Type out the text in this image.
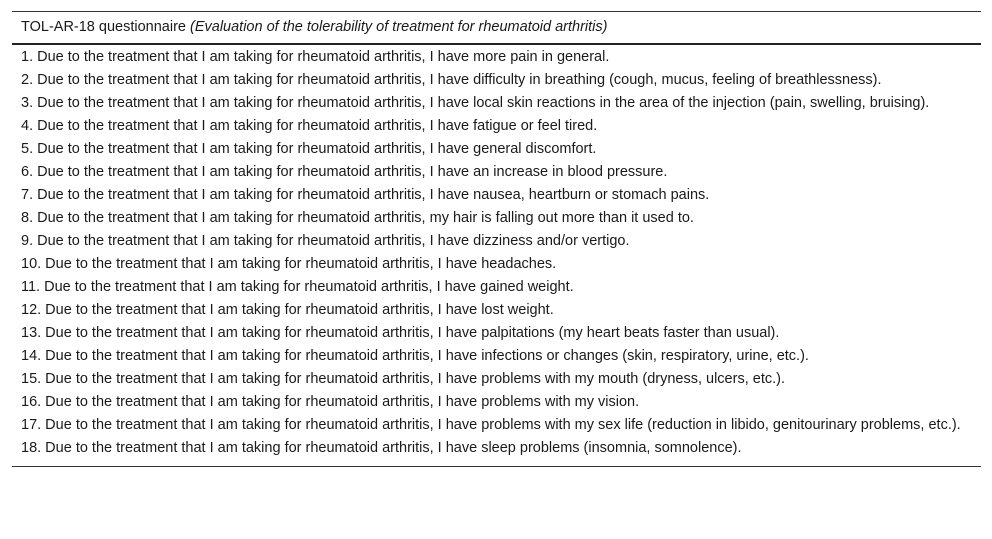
TOL-AR-18 questionnaire (Evaluation of the tolerability of treatment for rheumatoid arthritis)
1. Due to the treatment that I am taking for rheumatoid arthritis, I have more pain in general.
2. Due to the treatment that I am taking for rheumatoid arthritis, I have difficulty in breathing (cough, mucus, feeling of breathlessness).
3. Due to the treatment that I am taking for rheumatoid arthritis, I have local skin reactions in the area of the injection (pain, swelling, bruising).
4. Due to the treatment that I am taking for rheumatoid arthritis, I have fatigue or feel tired.
5. Due to the treatment that I am taking for rheumatoid arthritis, I have general discomfort.
6. Due to the treatment that I am taking for rheumatoid arthritis, I have an increase in blood pressure.
7. Due to the treatment that I am taking for rheumatoid arthritis, I have nausea, heartburn or stomach pains.
8. Due to the treatment that I am taking for rheumatoid arthritis, my hair is falling out more than it used to.
9. Due to the treatment that I am taking for rheumatoid arthritis, I have dizziness and/or vertigo.
10. Due to the treatment that I am taking for rheumatoid arthritis, I have headaches.
11. Due to the treatment that I am taking for rheumatoid arthritis, I have gained weight.
12. Due to the treatment that I am taking for rheumatoid arthritis, I have lost weight.
13. Due to the treatment that I am taking for rheumatoid arthritis, I have palpitations (my heart beats faster than usual).
14. Due to the treatment that I am taking for rheumatoid arthritis, I have infections or changes (skin, respiratory, urine, etc.).
15. Due to the treatment that I am taking for rheumatoid arthritis, I have problems with my mouth (dryness, ulcers, etc.).
16. Due to the treatment that I am taking for rheumatoid arthritis, I have problems with my vision.
17. Due to the treatment that I am taking for rheumatoid arthritis, I have problems with my sex life (reduction in libido, genitourinary problems, etc.).
18. Due to the treatment that I am taking for rheumatoid arthritis, I have sleep problems (insomnia, somnolence).
